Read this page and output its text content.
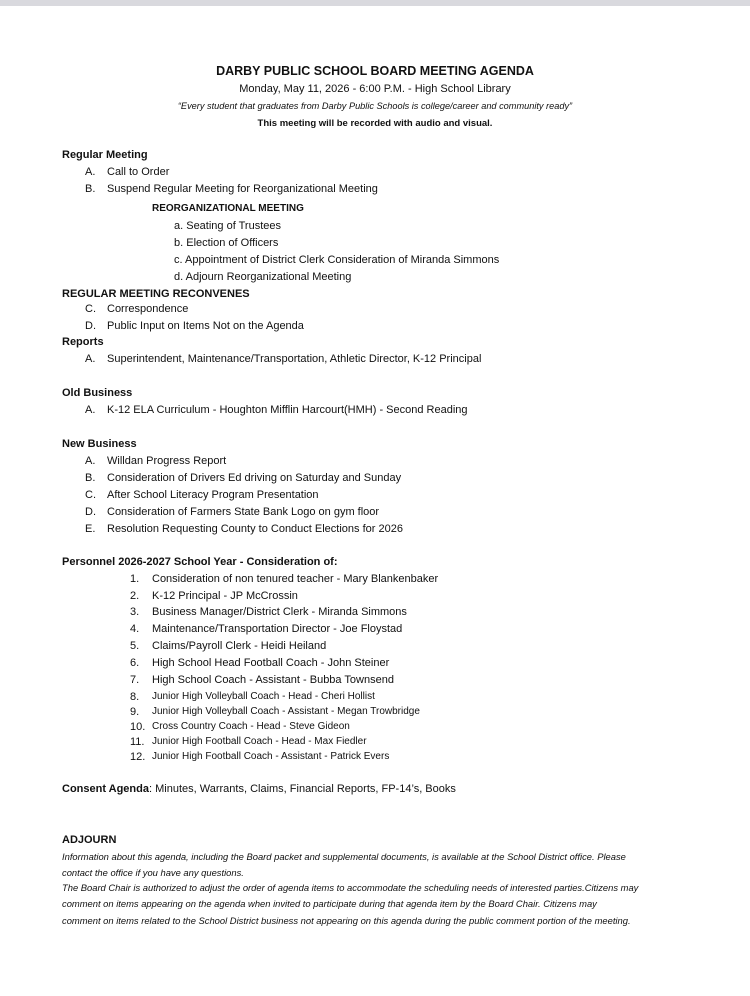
DARBY PUBLIC SCHOOL BOARD MEETING AGENDA
Monday, May 11, 2026 - 6:00 P.M. - High School Library
“Every student that graduates from Darby Public Schools is college/career and community ready”
This meeting will be recorded with audio and visual.
Regular Meeting
A. Call to Order
B. Suspend Regular Meeting for Reorganizational Meeting
REORGANIZATIONAL MEETING
a. Seating of Trustees
b. Election of Officers
c. Appointment of District Clerk Consideration of Miranda Simmons
d. Adjourn Reorganizational Meeting
REGULAR MEETING RECONVENES
C. Correspondence
D. Public Input on Items Not on the Agenda
Reports
A. Superintendent, Maintenance/Transportation, Athletic Director, K-12 Principal
Old Business
A. K-12 ELA Curriculum - Houghton Mifflin Harcourt(HMH) - Second Reading
New Business
A. Willdan Progress Report
B. Consideration of Drivers Ed driving on Saturday and Sunday
C. After School Literacy Program Presentation
D. Consideration of Farmers State Bank Logo on gym floor
E. Resolution Requesting County to Conduct Elections for 2026
Personnel 2026-2027 School Year - Consideration of:
1. Consideration of non tenured teacher - Mary Blankenbaker
2. K-12 Principal - JP McCrossin
3. Business Manager/District Clerk - Miranda Simmons
4. Maintenance/Transportation Director - Joe Floystad
5. Claims/Payroll Clerk - Heidi Heiland
6. High School Head Football Coach - John Steiner
7. High School Coach - Assistant - Bubba Townsend
8. Junior High Volleyball Coach - Head - Cheri Hollist
9. Junior High Volleyball Coach - Assistant - Megan Trowbridge
10. Cross Country Coach - Head - Steve Gideon
11. Junior High Football Coach - Head - Max Fiedler
12. Junior High Football Coach - Assistant - Patrick Evers
Consent Agenda: Minutes, Warrants, Claims, Financial Reports, FP-14’s, Books
ADJOURN
Information about this agenda, including the Board packet and supplemental documents, is available at the School District office. Please
contact the office if you have any questions.
The Board Chair is authorized to adjust the order of agenda items to accommodate the scheduling needs of interested parties.Citizens may
comment on items appearing on the agenda when invited to participate during that agenda item by the Board Chair. Citizens may
comment on items related to the School District business not appearing on this agenda during the public comment portion of the meeting.
